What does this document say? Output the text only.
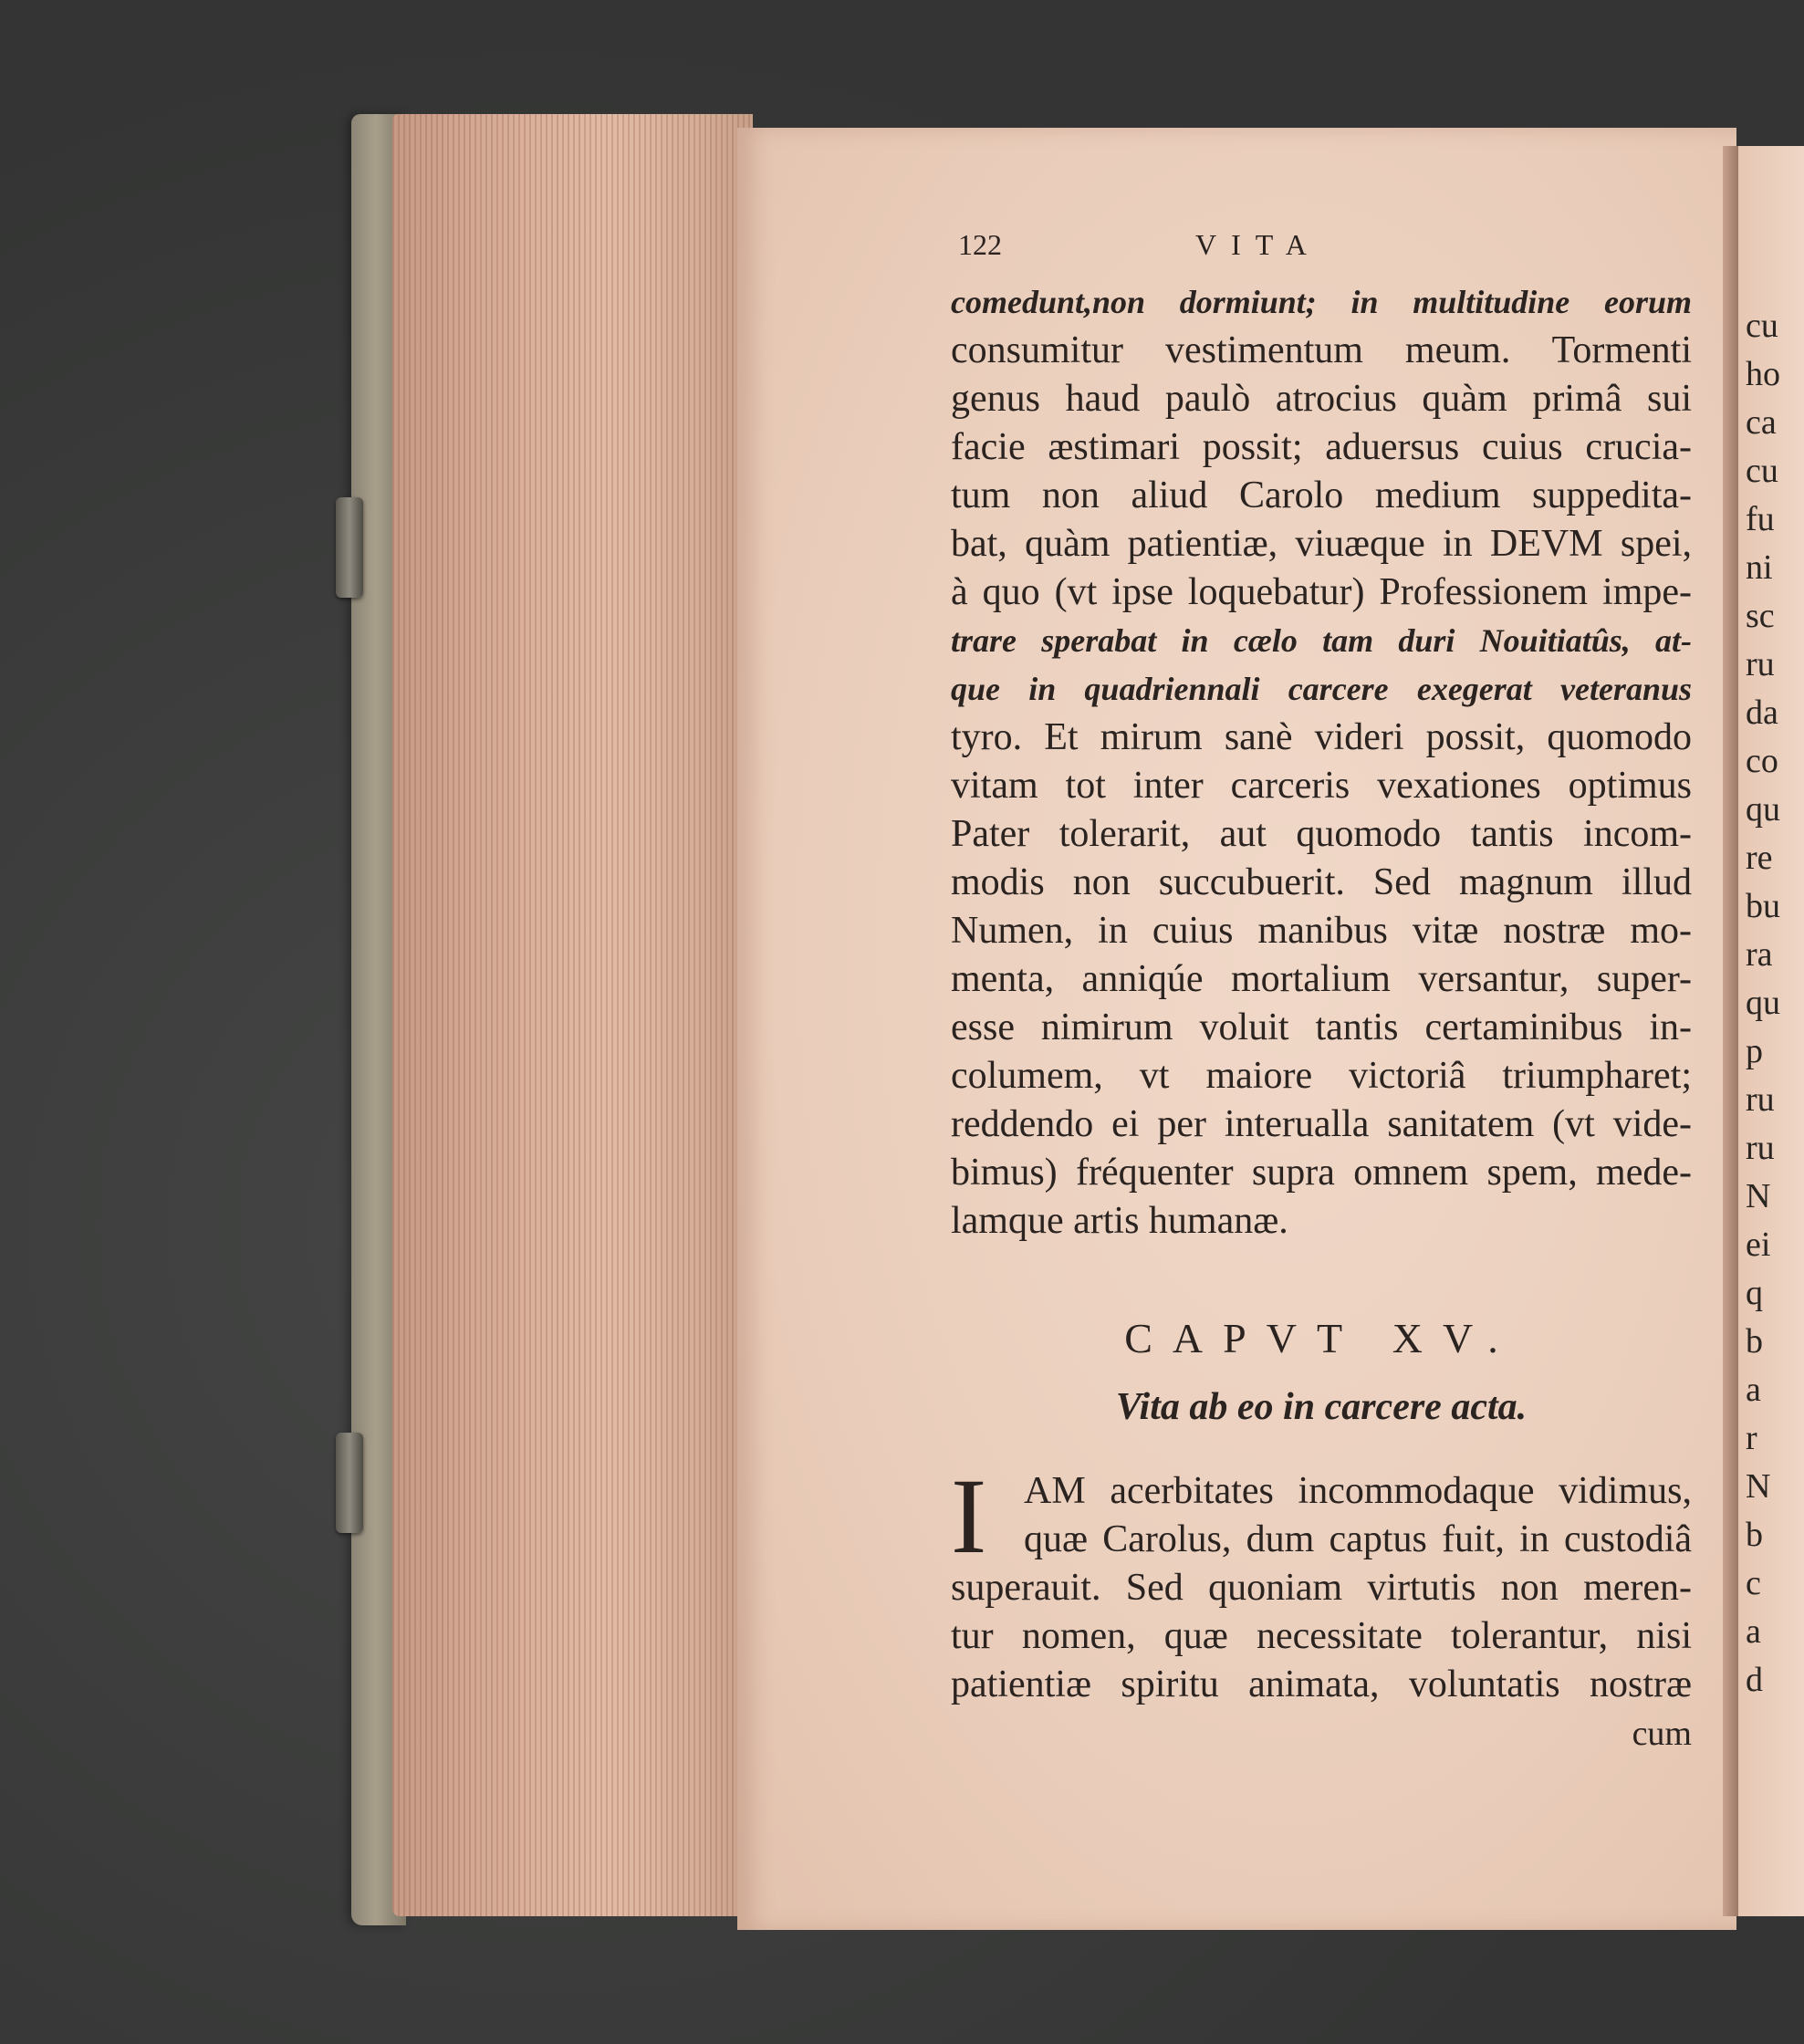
cu
ho
ca
cu
fu
ni
sc
ru
da
co
qu
re
bu
ra
qu
p
ru
ru
N
ei
q
b
a
r
N
b
c
a
d
122	VITA
comedunt,non dormiunt; in multitudine eorum
consumitur vestimentum meum. Tormenti
genus haud paulò atrocius quàm primâ sui
facie æstimari possit; aduersus cuius crucia-
tum non aliud Carolo medium suppedita-
bat, quàm patientiæ, viuæque in DEVM spei,
à quo (vt ipse loquebatur) Professionem impe-
trare sperabat in cælo tam duri Nouitiatûs, at-
que in quadriennali carcere exegerat veteranus
tyro. Et mirum sanè videri possit, quomodo
vitam tot inter carceris vexationes optimus
Pater tolerarit, aut quomodo tantis incom-
modis non succubuerit. Sed magnum illud
Numen, in cuius manibus vitæ nostræ mo-
menta, anniqúe mortalium versantur, super-
esse nimirum voluit tantis certaminibus in-
columem, vt maiore victoriâ triumpharet;
reddendo ei per interualla sanitatem (vt vide-
bimus) fréquenter supra omnem spem, mede-
lamque artis humanæ.
CAPVT XV.
Vita ab eo in carcere acta.
I AM acerbitates incommodaque vidimus,
quæ Carolus, dum captus fuit, in custodiâ
superauit. Sed quoniam virtutis non meren-
tur nomen, quæ necessitate tolerantur, nisi
patientiæ spiritu animata, voluntatis nostræ
cum
